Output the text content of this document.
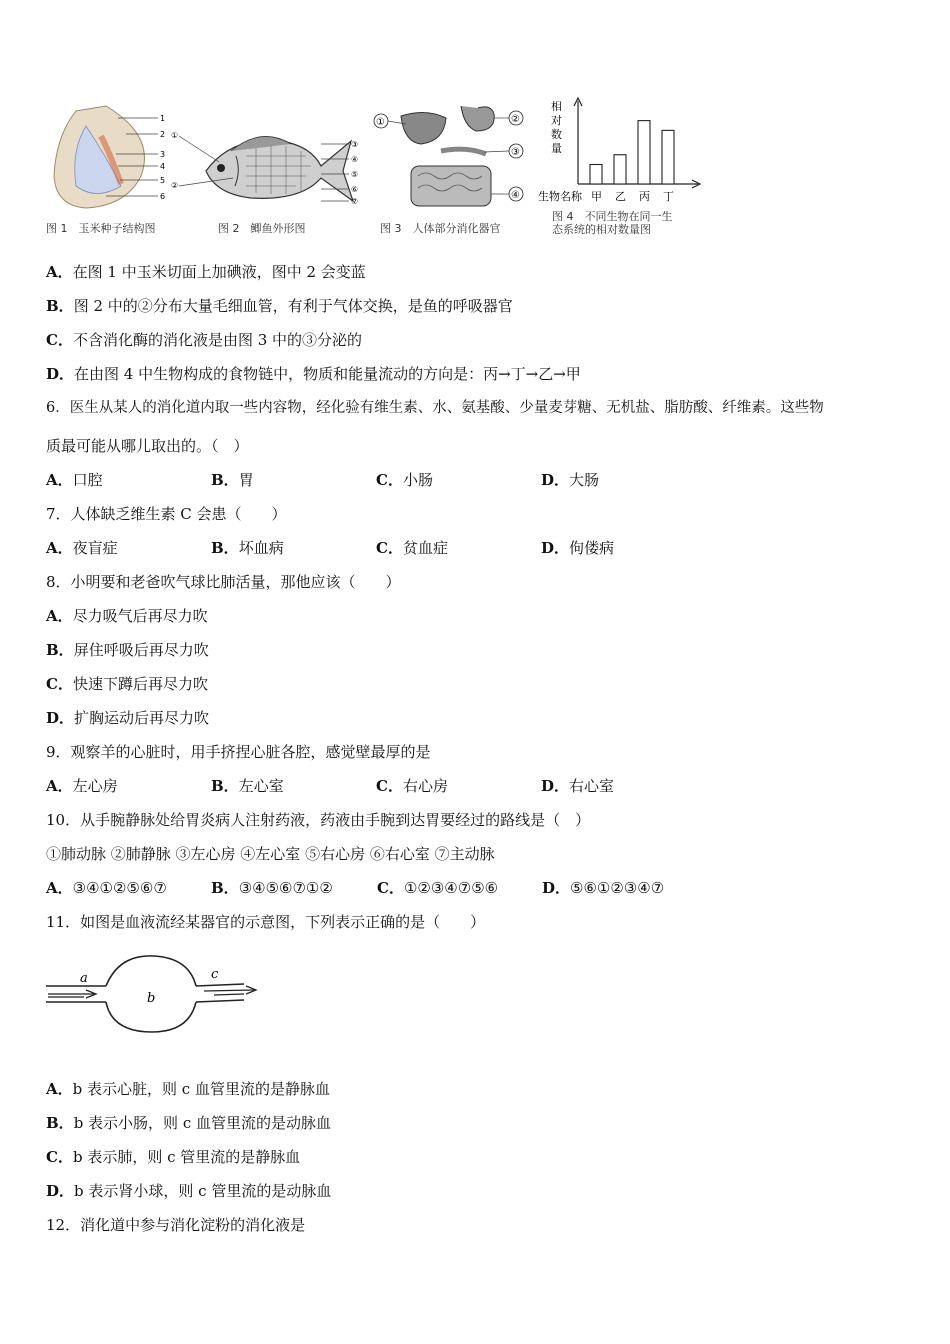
1
2
3
4
5
6
图 1　玉米种子结构图
①
②
③
④
⑤
⑥
⑦
图 2　鲫鱼外形图
①	②
③
④
图 3　人体部分消化器官
相
对
数
量
甲 乙 丙 丁
生物名称
图 4　不同生物在同一生
态系统的相对数量图
A．在图 1 中玉米切面上加碘液，图中 2 会变蓝
B．图 2 中的②分布大量毛细血管，有利于气体交换，是鱼的呼吸器官
C．不含消化酶的消化液是由图 3 中的③分泌的
D．在由图 4 中生物构成的食物链中，物质和能量流动的方向是：丙→丁→乙→甲
6．医生从某人的消化道内取一些内容物，经化验有维生素、水、氨基酸、少量麦芽糖、无机盐、脂肪酸、纤维素。这些物
质最可能从哪儿取出的。（　）
A．口腔	B．胃	C．小肠	D．大肠
7．人体缺乏维生素 C 会患（　　）
A．夜盲症	B．坏血病	C．贫血症	D．佝偻病
8．小明要和老爸吹气球比肺活量，那他应该（　　）
A．尽力吸气后再尽力吹
B．屏住呼吸后再尽力吹
C．快速下蹲后再尽力吹
D．扩胸运动后再尽力吹
9．观察羊的心脏时，用手挤捏心脏各腔，感觉壁最厚的是
A．左心房	B．左心室	C．右心房	D．右心室
10．从手腕静脉处给胃炎病人注射药液，药液由手腕到达胃要经过的路线是（　）
①肺动脉 ②肺静脉 ③左心房 ④左心室 ⑤右心房 ⑥右心室 ⑦主动脉
A．③④①②⑤⑥⑦	B．③④⑤⑥⑦①②	C．①②③④⑦⑤⑥	D．⑤⑥①②③④⑦
11．如图是血液流经某器官的示意图，下列表示正确的是（　　）
a
b
c
A．b 表示心脏，则 c 血管里流的是静脉血
B．b 表示小肠，则 c 血管里流的是动脉血
C．b 表示肺，则 c 管里流的是静脉血
D．b 表示肾小球，则 c 管里流的是动脉血
12．消化道中参与消化淀粉的消化液是
